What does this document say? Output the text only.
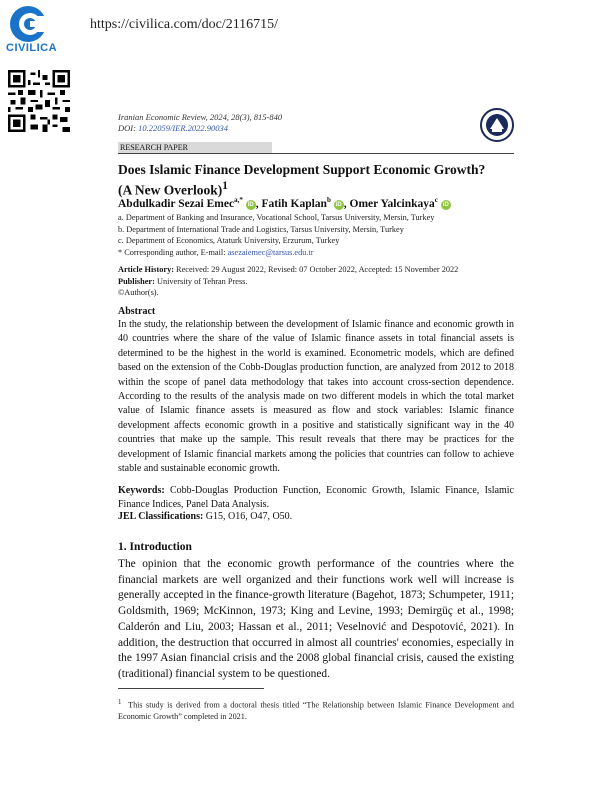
CIVILICA
https://civilica.com/doc/2116715/
Iranian Economic Review, 2024, 28(3), 815-840
DOI: 10.22059/IER.2022.90034
RESEARCH PAPER
Does Islamic Finance Development Support Economic Growth?
(A New Overlook)$^1$
Abdulkadir Sezai Emec$^{a,*}$ iD , Fatih Kaplan$^b$ iD , Omer Yalcinkaya$^c$ iD
a. Department of Banking and Insurance, Vocational School, Tarsus University, Mersin, Turkey
b. Department of International Trade and Logistics, Tarsus University, Mersin, Turkey
c. Department of Economics, Ataturk University, Erzurum, Turkey
* Corresponding author, E-mail: asezaiemec@tarsus.edu.tr
Article History: Received: 29 August 2022, Revised: 07 October 2022, Accepted: 15 November 2022
Publisher: University of Tehran Press.
©Author(s).
Abstract
In the study, the relationship between the development of Islamic finance and economic growth in 40 countries where the share of the value of Islamic finance assets in total financial assets is determined to be the highest in the world is examined. Econometric models, which are defined based on the extension of the Cobb-Douglas production function, are analyzed from 2012 to 2018 within the scope of panel data methodology that takes into account cross-section dependence. According to the results of the analysis made on two different models in which the total market value of Islamic finance assets is measured as flow and stock variables: Islamic finance development affects economic growth in a positive and statistically significant way in the 40 countries that make up the sample. This result reveals that there may be practices for the development of Islamic financial markets among the policies that countries can follow to achieve stable and sustainable economic growth.
Keywords: Cobb-Douglas Production Function, Economic Growth, Islamic Finance, Islamic Finance Indices, Panel Data Analysis.
JEL Classifications: G15, O16, O47, O50.
1. Introduction
The opinion that the economic growth performance of the countries where the financial markets are well organized and their functions work well will increase is generally accepted in the finance-growth literature (Bagehot, 1873; Schumpeter, 1911; Goldsmith, 1969; McKinnon, 1973; King and Levine, 1993; Demirgüç et al., 1998; Calderón and Liu, 2003; Hassan et al., 2011; Veselnović and Despotović, 2021). In addition, the destruction that occurred in almost all countries' economies, especially in the 1997 Asian financial crisis and the 2008 global financial crisis, caused the existing (traditional) financial system to be questioned.
$^1$ This study is derived from a doctoral thesis titled “The Relationship between Islamic Finance Development and Economic Growth” completed in 2021.
